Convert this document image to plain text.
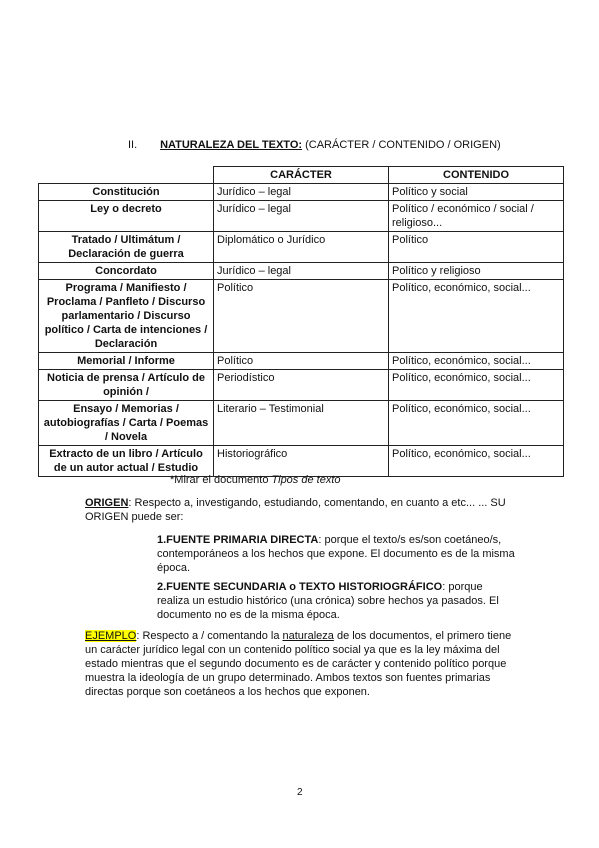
II. NATURALEZA DEL TEXTO: (CARÁCTER / CONTENIDO / ORIGEN)
	CARÁCTER	CONTENIDO
Constitución	Jurídico – legal	Político y social
Ley o decreto	Jurídico – legal	Político / económico / social / religioso...
Tratado / Ultimátum / Declaración de guerra	Diplomático o Jurídico	Político
Concordato	Jurídico – legal	Político y religioso
Programa / Manifiesto / Proclama / Panfleto / Discurso parlamentario / Discurso político / Carta de intenciones / Declaración	Político	Político, económico, social...
Memorial / Informe	Político	Político, económico, social...
Noticia de prensa / Artículo de opinión /	Periodístico	Político, económico, social...
Ensayo / Memorias / autobiografías / Carta / Poemas / Novela	Literario – Testimonial	Político, económico, social...
Extracto de un libro / Artículo de un autor actual / Estudio	Historiográfico	Político, económico, social...
*Mirar el documento Tipos de texto
ORIGEN: Respecto a, investigando, estudiando, comentando, en cuanto a etc... ... SU ORIGEN puede ser:
1.FUENTE PRIMARIA DIRECTA: porque el texto/s es/son coetáneo/s, contemporáneos a los hechos que expone. El documento es de la misma época.
2.FUENTE SECUNDARIA o TEXTO HISTORIOGRÁFICO: porque realiza un estudio histórico (una crónica) sobre hechos ya pasados. El documento no es de la misma época.
EJEMPLO: Respecto a / comentando la naturaleza de los documentos, el primero tiene un carácter jurídico legal con un contenido político social ya que es la ley máxima del estado mientras que el segundo documento es de carácter y contenido político porque muestra la ideología de un grupo determinado. Ambos textos son fuentes primarias directas porque son coetáneos a los hechos que exponen.
2
